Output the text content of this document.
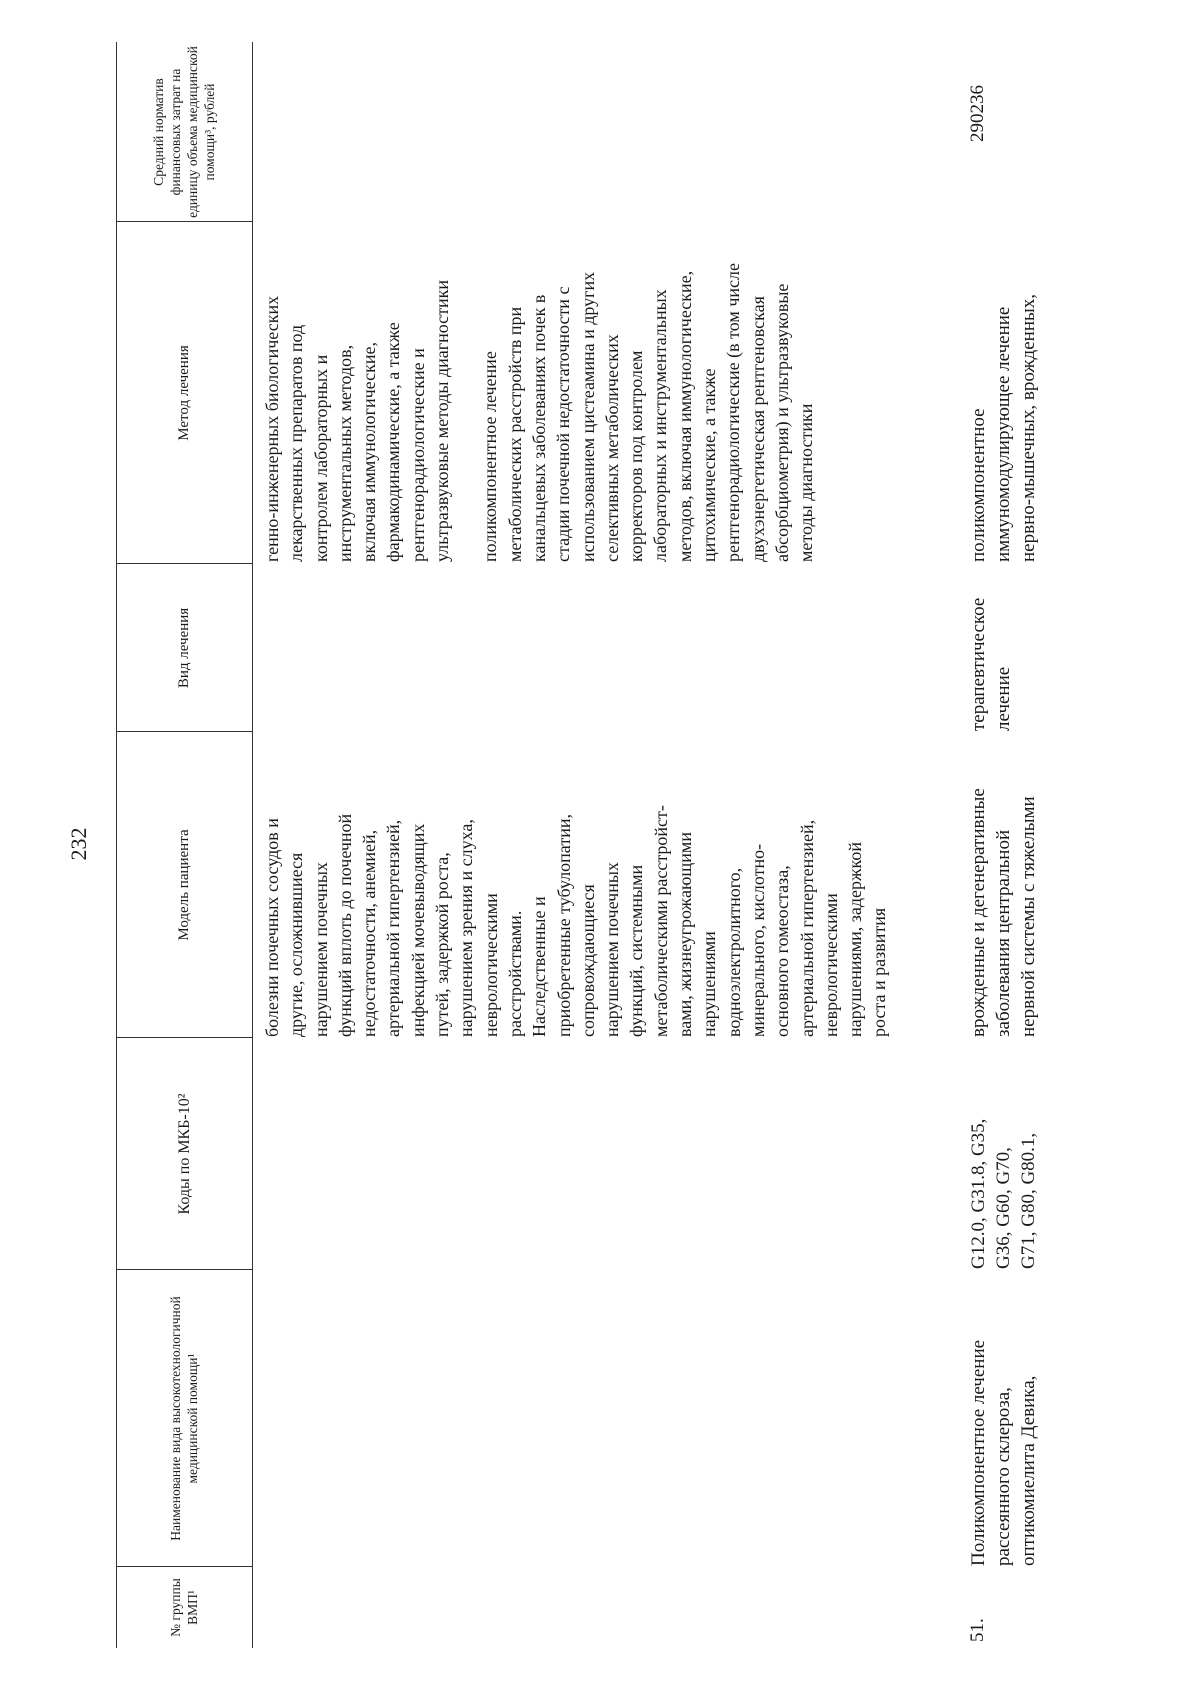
232
№ группы ВМП¹
Наименование вида высокотехнологичной медицинской помощи¹
Коды по МКБ-10²
Модель пациента
Вид лечения
Метод лечения
Средний норматив финансовых затрат на единицу объема медицинской помощи³, рублей
болезни почечных сосудов и другие, осложнившиеся нарушением почечных функций вплоть до почечной недостаточности, анемией, артериальной гипертензией, инфекцией мочевыводящих путей, задержкой роста, нарушением зрения и слуха, неврологическими расстройствами. Наследственные и приобретенные тубулопатии, сопровождающиеся нарушением почечных функций, системными метаболическими расстройст- вами, жизнеугрожающими нарушениями водноэлектролитного, минерального, кислотно- основного гомеостаза, артериальной гипертензией, неврологическими нарушениями, задержкой роста и развития
генно-инженерных биологических лекарственных препаратов под контролем лабораторных и инструментальных методов, включая иммунологические, фармакодинамические, а также рентгенорадиологические и ультразвуковые методы диагностики поликомпонентное лечение метаболических расстройств при канальцевых заболеваниях почек в стадии почечной недостаточности с использованием цистеамина и других селективных метаболических корректоров под контролем лабораторных и инструментальных методов, включая иммунологические, цитохимические, а также рентгенорадиологические (в том числе двухэнергетическая рентгеновская абсорбциометрия) и ультразвуковые методы диагностики
51.
Поликомпонентное лечение рассеянного склероза, оптикомиелита Девика,
G12.0, G31.8, G35, G36, G60, G70, G71, G80, G80.1,
врожденные и дегенеративные заболевания центральной нервной системы с тяжелыми
терапевтическое лечение
поликомпонентное иммуномодулирующее лечение нервно-мышечных, врожденных,
290236
